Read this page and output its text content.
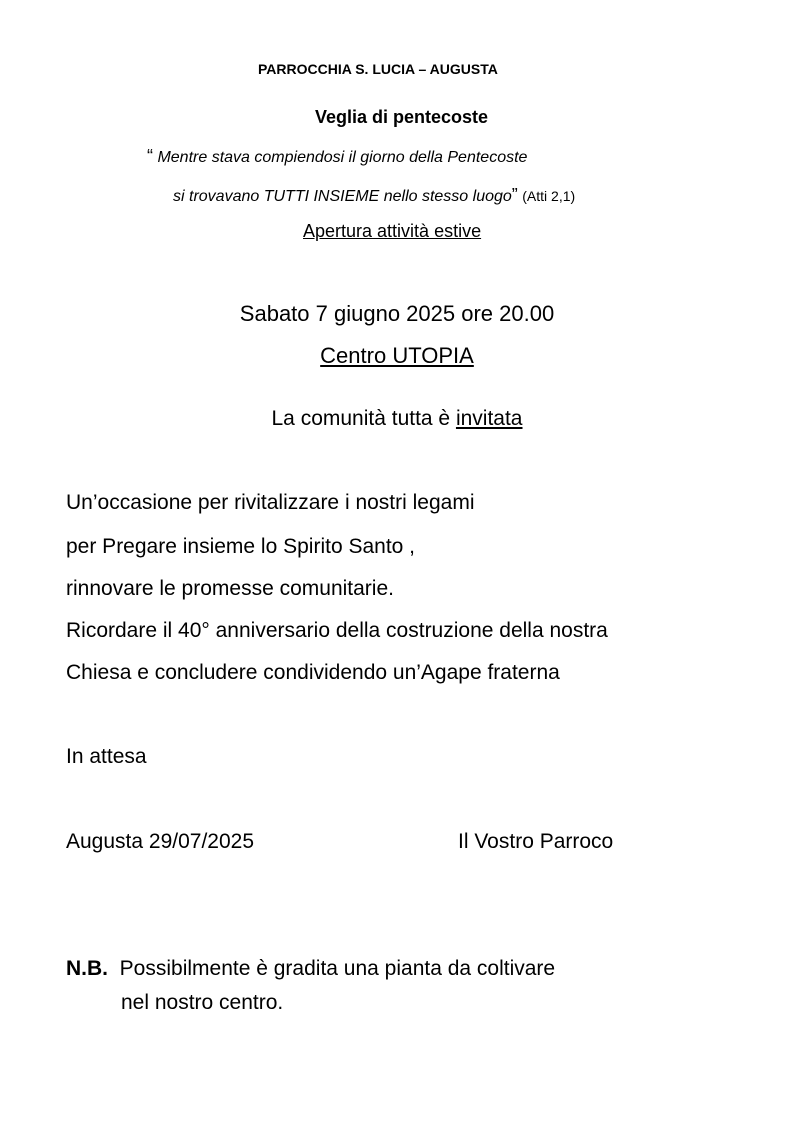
PARROCCHIA S. LUCIA – AUGUSTA
Veglia di pentecoste
“ Mentre stava compiendosi il giorno della Pentecoste
si trovavano TUTTI INSIEME nello stesso luogo” (Atti 2,1)
Apertura attività estive
Sabato 7 giugno 2025 ore 20.00
Centro UTOPIA
La comunità tutta è invitata
Un’occasione per rivitalizzare i nostri legami
per Pregare insieme lo Spirito Santo ,
rinnovare le promesse comunitarie.
Ricordare il 40° anniversario della costruzione della nostra
Chiesa e concludere condividendo un’Agape fraterna
In attesa
Augusta 29/07/2025	Il Vostro Parroco
N.B. Possibilmente è gradita una pianta da coltivare
nel nostro centro.
